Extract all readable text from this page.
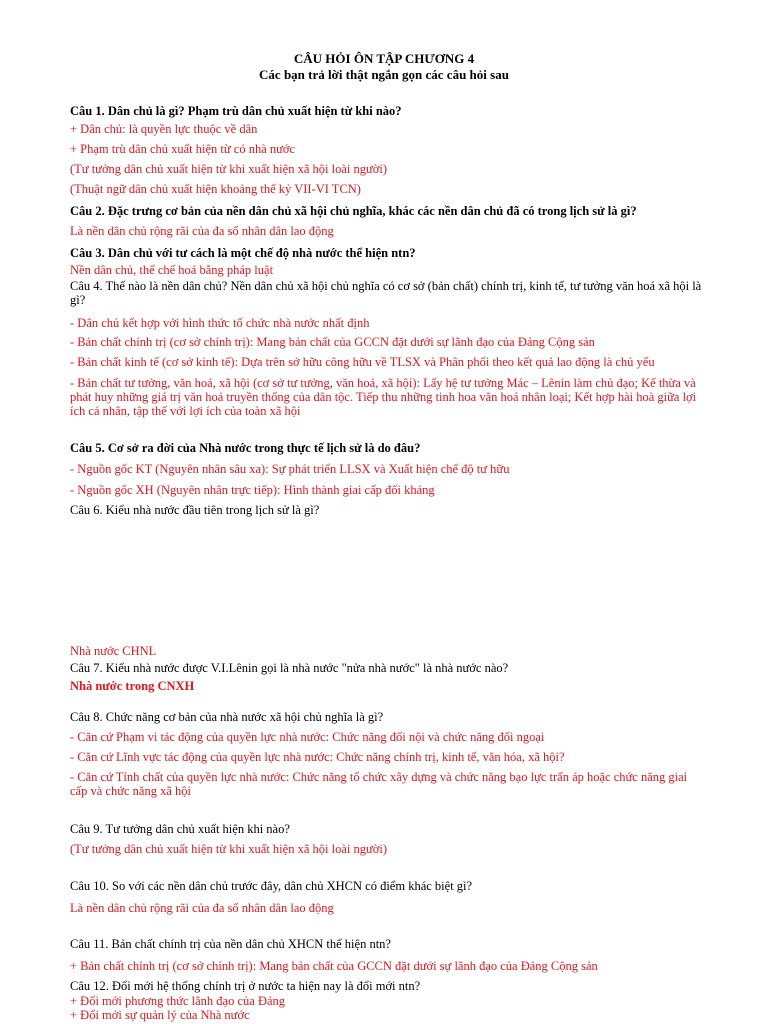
CÂU HỎI ÔN TẬP CHƯƠNG 4

Các bạn trả lời thật ngắn gọn các câu hỏi sau

Câu 1. Dân chủ là gì? Phạm trù dân chủ xuất hiện từ khi nào?

+ Dân chủ: là quyền lực thuộc về dân

+ Phạm trù dân chủ xuất hiện từ có nhà nước

(Tư tưởng dân chủ xuất hiện từ khi xuất hiện xã hội loài người)

(Thuật ngữ dân chủ xuất hiện khoảng thế kỷ VII-VI TCN)

Câu 2. Đặc trưng cơ bản của nền dân chủ xã hội chủ nghĩa, khác các nền dân chủ đã có trong lịch sử là gì?

Là nền dân chủ rộng rãi của đa số nhân dân lao động

Câu 3. Dân chủ với tư cách là một chế độ nhà nước thể hiện ntn?

Nền dân chủ, thể chế hoá bằng pháp luật

Câu 4. Thế nào là nền dân chủ? Nền dân chủ xã hội chủ nghĩa có cơ sở (bản chất) chính trị, kinh tế, tư tưởng văn hoá xã hội là gì?

- Dân chủ kết hợp với hình thức tổ chức nhà nước nhất định

- Bản chất chính trị (cơ sở chính trị): Mang bản chất của GCCN đặt dưới sự lãnh đạo của Đảng Cộng sản

- Bản chất kinh tế (cơ sở kinh tế): Dựa trên sở hữu công hữu về TLSX và Phân phối theo kết quả lao động là chủ yếu

- Bản chất tư tưởng, văn hoá, xã hội (cơ sở tư tưởng, văn hoá, xã hội): Lấy hệ tư tưởng Mác – Lênin làm chủ đạo; Kế thừa và phát huy những giá trị văn hoá truyền thống của dân tộc. Tiếp thu những tinh hoa văn hoá nhân loại; Kết hợp hài hoà giữa lợi ích cá nhân, tập thể với lợi ích của toàn xã hội

Câu 5. Cơ sở ra đời của Nhà nước trong thực tế lịch sử là do đâu?

- Nguồn gốc KT (Nguyên nhân sâu xa): Sự phát triển LLSX và Xuất hiện chế độ tư hữu

- Nguồn gốc XH (Nguyên nhân trực tiếp): Hình thành giai cấp đối kháng

Câu 6. Kiểu nhà nước đầu tiên trong lịch sử là gì?

Nhà nước CHNL

Câu 7. Kiểu nhà nước được V.I.Lênin gọi là nhà nước "nửa nhà nước" là nhà nước nào?

Nhà nước trong CNXH

Câu 8. Chức năng cơ bản của nhà nước xã hội chủ nghĩa là gì?

- Căn cứ Phạm vi tác động của quyền lực nhà nước: Chức năng đối nội và chức năng đối ngoại

- Căn cứ Lĩnh vực tác động của quyền lực nhà nước: Chức năng chính trị, kinh tế, văn hóa, xã hội?

- Căn cứ Tính chất của quyền lực nhà nước: Chức năng tổ chức xây dựng và chức năng bạo lực trấn áp hoặc chức năng giai cấp và chức năng xã hội

Câu 9. Tư tưởng dân chủ xuất hiện khi nào?

(Tư tưởng dân chủ xuất hiện từ khi xuất hiện xã hội loài người)

Câu 10. So với các nền dân chủ trước đây, dân chủ XHCN có điểm khác biệt gì?

Là nền dân chủ rộng rãi của đa số nhân dân lao động

Câu 11. Bản chất chính trị của nền dân chủ XHCN thể hiện ntn?

+ Bản chất chính trị (cơ sở chính trị): Mang bản chất của GCCN đặt dưới sự lãnh đạo của Đảng Cộng sản

Câu 12. Đổi mới hệ thống chính trị ở nước ta hiện nay là đổi mới ntn?

+ Đổi mới phương thức lãnh đạo của Đảng

+ Đổi mới sự quản lý của Nhà nước
